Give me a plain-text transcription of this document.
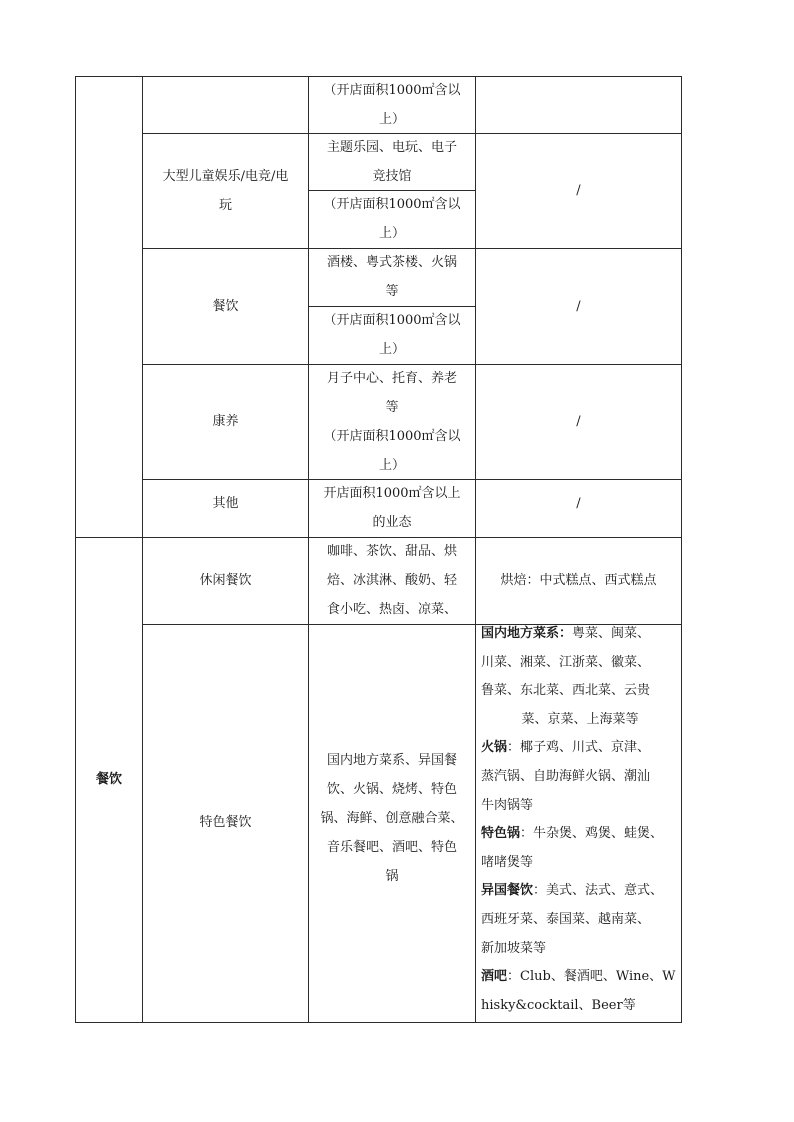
（开店面积1000㎡含以
上）
大型儿童娱乐/电竞/电
玩
主题乐园、电玩、电子
竞技馆
（开店面积1000㎡含以
上）
/
餐饮
酒楼、粤式茶楼、火锅
等
（开店面积1000㎡含以
上）
/
康养
月子中心、托育、养老
等
（开店面积1000㎡含以
上）
/
其他
开店面积1000㎡含以上
的业态
/
餐饮
休闲餐饮
咖啡、茶饮、甜品、烘
焙、冰淇淋、酸奶、轻
食小吃、热卤、凉菜、
烘焙：中式糕点、西式糕点
特色餐饮
国内地方菜系、异国餐
饮、火锅、烧烤、特色
锅、海鲜、创意融合菜、
音乐餐吧、酒吧、特色
锅
国内地方菜系：粤菜、闽菜、
川菜、湘菜、江浙菜、徽菜、
鲁菜、东北菜、西北菜、云贵
菜、京菜、上海菜等
火锅：椰子鸡、川式、京津、
蒸汽锅、自助海鲜火锅、潮汕
牛肉锅等
特色锅：牛杂煲、鸡煲、蛙煲、
啫啫煲等
异国餐饮：美式、法式、意式、
西班牙菜、泰国菜、越南菜、
新加坡菜等
酒吧：Club、餐酒吧、Wine、W
hisky&cocktail、Beer等
